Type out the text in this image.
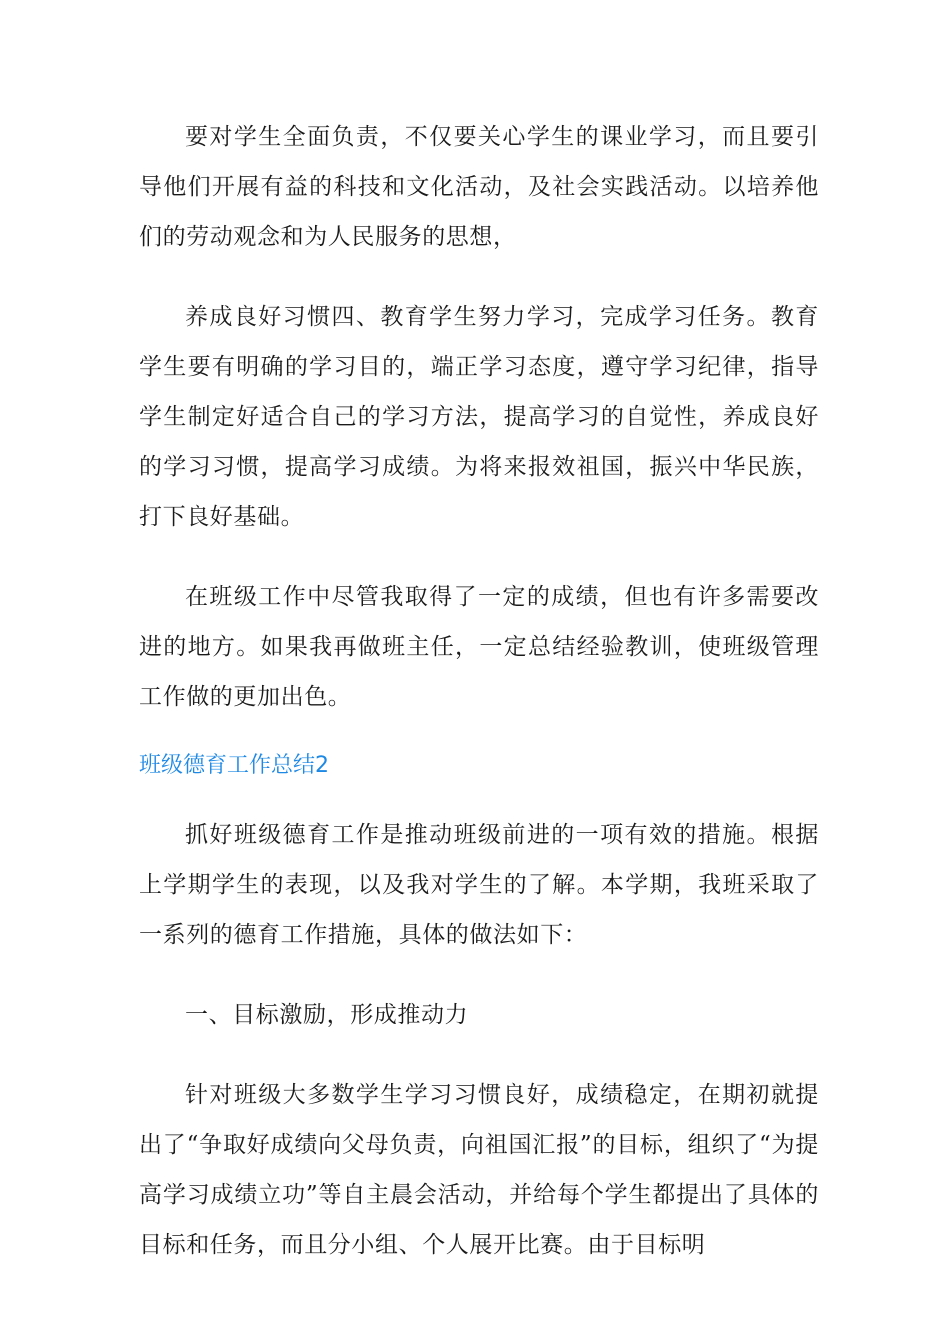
要对学生全面负责，不仅要关心学生的课业学习，而且要引导他们开展有益的科技和文化活动，及社会实践活动。以培养他们的劳动观念和为人民服务的思想，

养成良好习惯四、教育学生努力学习，完成学习任务。教育学生要有明确的学习目的，端正学习态度，遵守学习纪律，指导学生制定好适合自己的学习方法，提高学习的自觉性，养成良好的学习习惯，提高学习成绩。为将来报效祖国，振兴中华民族，打下良好基础。

在班级工作中尽管我取得了一定的成绩，但也有许多需要改进的地方。如果我再做班主任，一定总结经验教训，使班级管理工作做的更加出色。

班级德育工作总结2

抓好班级德育工作是推动班级前进的一项有效的措施。根据上学期学生的表现，以及我对学生的了解。本学期，我班采取了一系列的德育工作措施，具体的做法如下：

一、目标激励，形成推动力

针对班级大多数学生学习习惯良好，成绩稳定，在期初就提出了“争取好成绩向父母负责，向祖国汇报”的目标，组织了“为提高学习成绩立功”等自主晨会活动，并给每个学生都提出了具体的目标和任务，而且分小组、个人展开比赛。由于目标明
